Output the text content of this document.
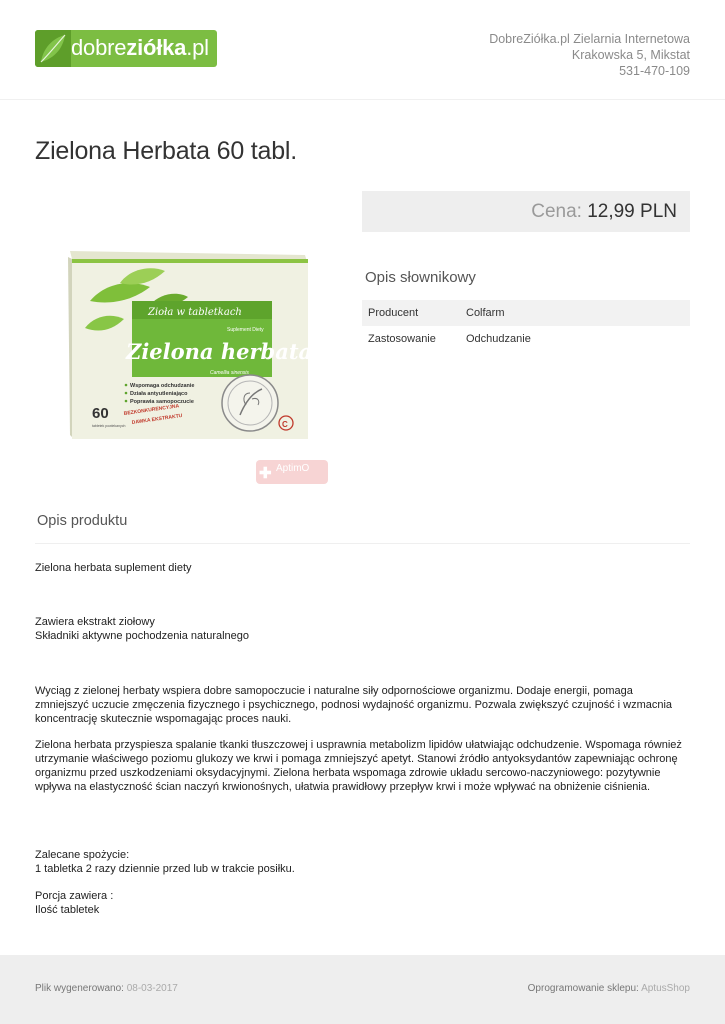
dobreziółka.pl	DobreZiółka.pl Zielarnia Internetowa
Krakowska 5, Mikstat
531-470-109
Zielona Herbata 60 tabl.
Cena: 12,99 PLN
Zioła w tabletkach
Suplement Diety
Zielona herbata
Camellia sinensis
Wspomaga odchudzanie
Działa antyutleniająco
Poprawia samopoczucie
60
tabletek powlekanych
BEZKONKURENCYJNA
DAWKA EKSTRAKTU	C
✚ AptimO
Opis słownikowy
Producent	Colfarm
Zastosowanie	Odchudzanie
Opis produktu
Zielona herbata suplement diety
Zawiera ekstrakt ziołowy
Składniki aktywne pochodzenia naturalnego
Wyciąg z zielonej herbaty wspiera dobre samopoczucie i naturalne siły odpornościowe organizmu. Dodaje energii, pomaga zmniejszyć uczucie zmęczenia fizycznego i psychicznego, podnosi wydajność organizmu. Pozwala zwiększyć czujność i wzmacnia koncentrację skutecznie wspomagając proces nauki.
Zielona herbata przyspiesza spalanie tkanki tłuszczowej i usprawnia metabolizm lipidów ułatwiając odchudzenie. Wspomaga również utrzymanie właściwego poziomu glukozy we krwi i pomaga zmniejszyć apetyt. Stanowi źródło antyoksydantów zapewniając ochronę organizmu przed uszkodzeniami oksydacyjnymi. Zielona herbata wspomaga zdrowie układu sercowo-naczyniowego: pozytywnie wpływa na elastyczność ścian naczyń krwionośnych, ułatwia prawidłowy przepływ krwi i może wpływać na obniżenie ciśnienia.
Zalecane spożycie:
1 tabletka 2 razy dziennie przed lub w trakcie posiłku.
Porcja zawiera :
Ilość tabletek
Plik wygenerowano: 08-03-2017	Oprogramowanie sklepu: AptusShop
